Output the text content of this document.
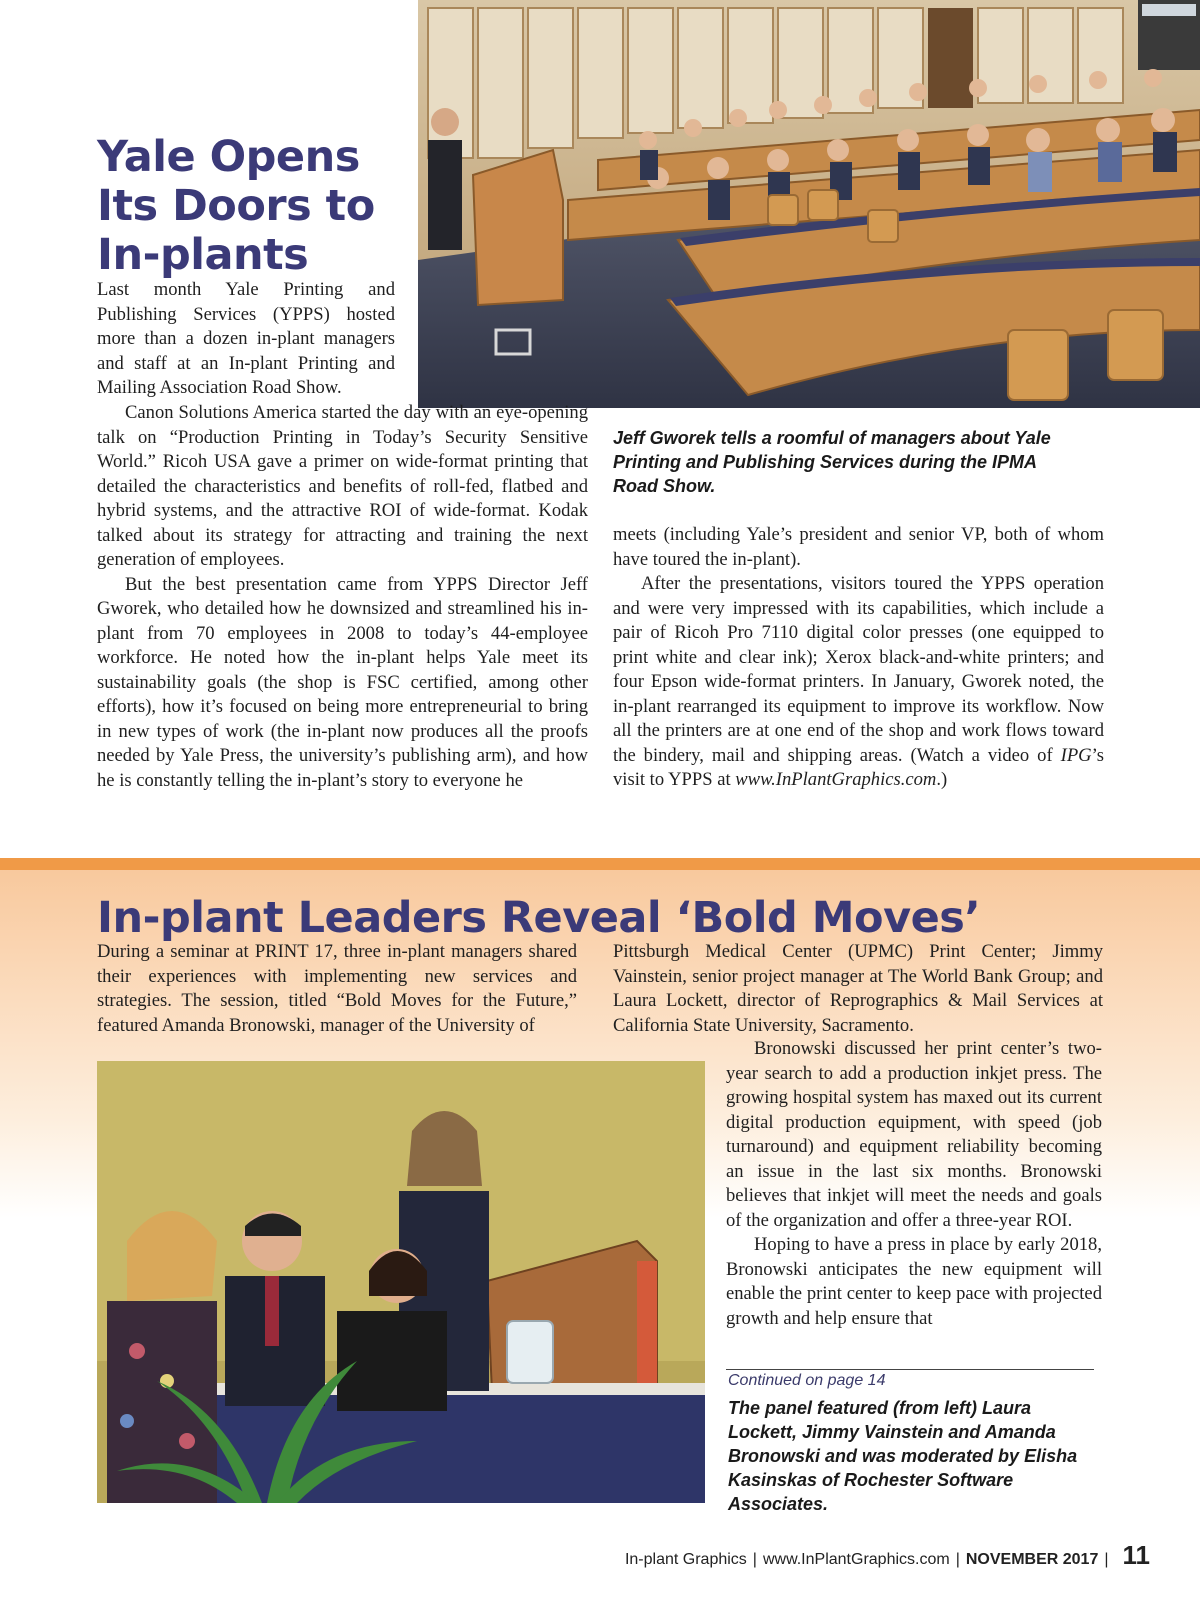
Yale Opens
Its Doors to
In-plants

Last month Yale Printing and Publishing Services (YPPS) hosted more than a dozen in-plant managers and staff at an In-plant Printing and Mailing Association Road Show.

Canon Solutions America started the day with an eye-opening talk on “Production Printing in Today’s Security Sensitive World.” Ricoh USA gave a primer on wide-format printing that detailed the characteristics and benefits of roll-fed, flatbed and hybrid systems, and the attractive ROI of wide-format. Kodak talked about its strategy for attracting and training the next generation of employees.

But the best presentation came from YPPS Director Jeff Gworek, who detailed how he downsized and streamlined his in-plant from 70 employees in 2008 to today’s 44-employee workforce. He noted how the in-plant helps Yale meet its sustainability goals (the shop is FSC certified, among other efforts), how it’s focused on being more entrepreneurial to bring in new types of work (the in-plant now produces all the proofs needed by Yale Press, the university’s publishing arm), and how he is constantly telling the in-plant’s story to everyone he

Jeff Gworek tells a roomful of managers about Yale Printing and Publishing Services during the IPMA Road Show.

meets (including Yale’s president and senior VP, both of whom have toured the in-plant).

After the presentations, visitors toured the YPPS operation and were very impressed with its capabilities, which include a pair of Ricoh Pro 7110 digital color presses (one equipped to print white and clear ink); Xerox black-and-white printers; and four Epson wide-format printers. In January, Gworek noted, the in-plant rearranged its equipment to improve its workflow. Now all the printers are at one end of the shop and work flows toward the bindery, mail and shipping areas. (Watch a video of IPG’s visit to YPPS at www.InPlantGraphics.com.)

In-plant Leaders Reveal ‘Bold Moves’

During a seminar at PRINT 17, three in-plant managers shared their experiences with implementing new services and strategies. The session, titled “Bold Moves for the Future,” featured Amanda Bronowski, manager of the University of

Pittsburgh Medical Center (UPMC) Print Center; Jimmy Vainstein, senior project manager at The World Bank Group; and Laura Lockett, director of Reprographics & Mail Services at California State University, Sacramento.

Bronowski discussed her print center’s two-year search to add a production inkjet press. The growing hospital system has maxed out its current digital production equipment, with speed (job turnaround) and equipment reliability becoming an issue in the last six months. Bronowski believes that inkjet will meet the needs and goals of the organization and offer a three-year ROI.

Hoping to have a press in place by early 2018, Bronowski anticipates the new equipment will enable the print center to keep pace with projected growth and help ensure that

Continued on page 14

The panel featured (from left) Laura Lockett, Jimmy Vainstein and Amanda Bronowski and was moderated by Elisha Kasinskas of Rochester Software Associates.

In-plant Graphics | www.InPlantGraphics.com | NOVEMBER 2017 | 11
